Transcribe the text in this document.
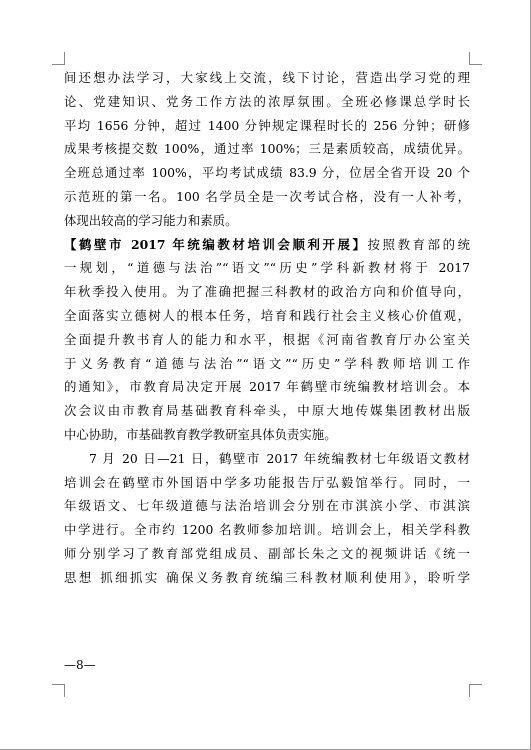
间还想办法学习，大家线上交流，线下讨论，营造出学习党的理
论、党建知识、党务工作方法的浓厚氛围。全班必修课总学时长
平均 1656 分钟，超过 1400 分钟规定课程时长的 256 分钟；研修
成果考核提交数 100%，通过率 100%；三是素质较高，成绩优异。
全班总通过率 100%，平均考试成绩 83.9 分，位居全省开设 20 个
示范班的第一名。100 名学员全是一次考试合格，没有一人补考，
体现出较高的学习能力和素质。
【鹤壁市 2017 年统编教材培训会顺利开展】按照教育部的统
一规划，“道德与法治”“语文”“历史”学科新教材将于 2017
年秋季投入使用。为了准确把握三科教材的政治方向和价值导向，
全面落实立德树人的根本任务，培育和践行社会主义核心价值观，
全面提升教书育人的能力和水平，根据《河南省教育厅办公室关
于义务教育“道德与法治”“语文”“历史”学科教师培训工作
的通知》，市教育局决定开展 2017 年鹤壁市统编教材培训会。本
次会议由市教育局基础教育科牵头，中原大地传媒集团教材出版
中心协助，市基础教育教学教研室具体负责实施。
7 月 20 日—21 日，鹤壁市 2017 年统编教材七年级语文教材
培训会在鹤壁市外国语中学多功能报告厅弘毅馆举行。同时，一
年级语文、七年级道德与法治培训会分别在市淇滨小学、市淇滨
中学进行。全市约 1200 名教师参加培训。培训会上，相关学科教
师分别学习了教育部党组成员、副部长朱之文的视频讲话《统一
思想 抓细抓实 确保义务教育统编三科教材顺利使用》，聆听学
—8—
